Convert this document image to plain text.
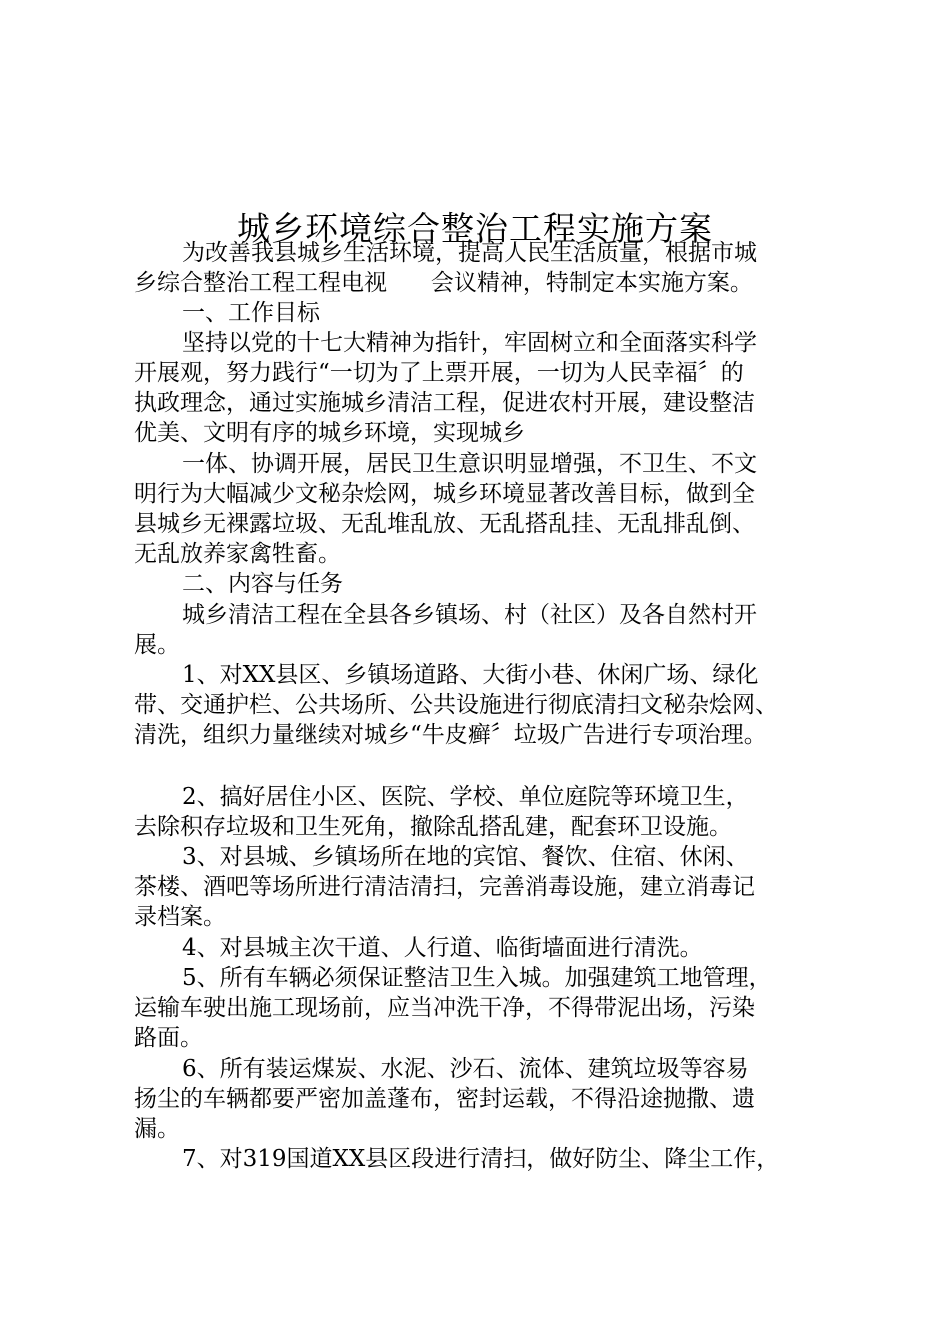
城乡环境综合整治工程实施方案
为改善我县城乡生活环境，提高人民生活质量，根据市城
乡综合整治工程工程电视      会议精神，特制定本实施方案。
一、工作目标
坚持以党的十七大精神为指针，牢固树立和全面落实科学
开展观，努力践行“一切为了上票开展，一切为人民幸福〞的
执政理念，通过实施城乡清洁工程，促进农村开展，建设整洁
优美、文明有序的城乡环境，实现城乡
一体、协调开展，居民卫生意识明显增强，不卫生、不文
明行为大幅减少文秘杂烩网，城乡环境显著改善目标，做到全
县城乡无裸露垃圾、无乱堆乱放、无乱搭乱挂、无乱排乱倒、
无乱放养家禽牲畜。
二、内容与任务
城乡清洁工程在全县各乡镇场、村（社区）及各自然村开
展。
1、对XX县区、乡镇场道路、大街小巷、休闲广场、绿化
带、交通护栏、公共场所、公共设施进行彻底清扫文秘杂烩网、
清洗，组织力量继续对城乡“牛皮癣〞垃圾广告进行专项治理。
2、搞好居住小区、医院、学校、单位庭院等环境卫生，
去除积存垃圾和卫生死角，撤除乱搭乱建，配套环卫设施。
3、对县城、乡镇场所在地的宾馆、餐饮、住宿、休闲、
茶楼、酒吧等场所进行清洁清扫，完善消毒设施，建立消毒记
录档案。
4、对县城主次干道、人行道、临街墙面进行清洗。
5、所有车辆必须保证整洁卫生入城。加强建筑工地管理，
运输车驶出施工现场前，应当冲洗干净，不得带泥出场，污染
路面。
6、所有装运煤炭、水泥、沙石、流体、建筑垃圾等容易
扬尘的车辆都要严密加盖蓬布，密封运载，不得沿途抛撒、遗
漏。
7、对319国道XX县区段进行清扫，做好防尘、降尘工作，
